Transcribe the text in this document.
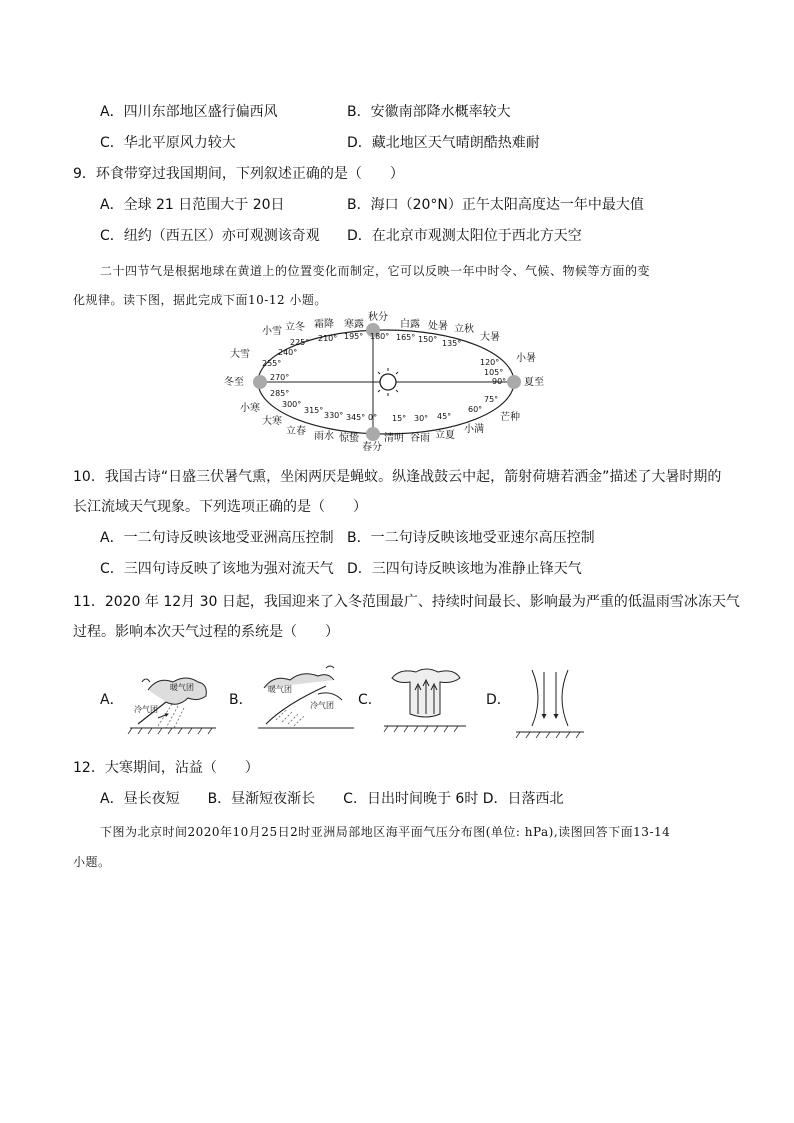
A．四川东部地区盛行偏西风	B．安徽南部降水概率较大
C．华北平原风力较大	D．藏北地区天气晴朗酷热难耐
9．环食带穿过我国期间，下列叙述正确的是（　　）
A．全球 21 日范围大于 20日	B．海口（20°N）正午太阳高度达一年中最大值
C．纽约（西五区）亦可观测该奇观 D．在北京市观测太阳位于西北方天空
二十四节气是根据地球在黄道上的位置变化而制定，它可以反映一年中时令、气候、物候等方面的变
化规律。读下图，据此完成下面10-12 小题。
小雪 立冬 霜降 寒露
秋分
白露 处暑 立秋
大暑
225° 210° 195° 180° 165° 150° 135°
大雪
冬至
小寒
大寒
255°
240°
270°
285°
300°
立春 雨水 惊蛰
春分
清明 谷雨 立夏
小满
315°
330° 345° 0° 15° 30° 45°
小暑
夏至
芒种
120°
105°
90°
75°
60°
10．我国古诗“日盛三伏暑气熏，坐闲两厌是蝇蚊。纵逢战鼓云中起，箭射荷塘若洒金”描述了大暑时期的
长江流域天气现象。下列选项正确的是（　　）
A．一二句诗反映该地受亚洲高压控制 B．一二句诗反映该地受亚速尔高压控制
C．三四句诗反映了该地为强对流天气 D．三四句诗反映该地为准静止锋天气
11．2020 年 12月 30 日起，我国迎来了入冬范围最广、持续时间最长、影响最为严重的低温雨雪冰冻天气
过程。影响本次天气过程的系统是（　　）
A．
暖气团
冷气团
B．
暖气团
冷气团 C．	D．
12．大寒期间，沾益（　　）
A．昼长夜短　　B．昼渐短夜渐长　　C．日出时间晚于 6时 D．日落西北
下图为北京时间2020年10月25日2时亚洲局部地区海平面气压分布图(单位: hPa),读图回答下面13-14
小题。
